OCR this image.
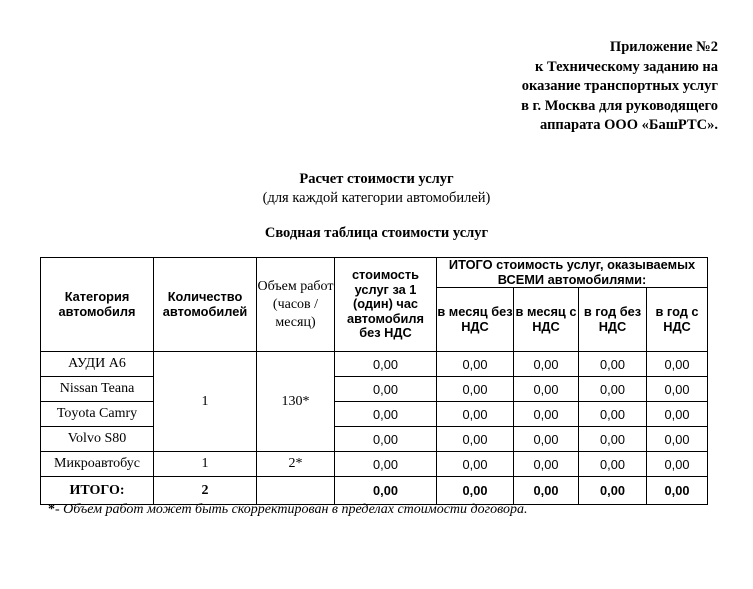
Приложение №2
к Техническому заданию на
оказание транспортных услуг
в г. Москва для руководящего
аппарата ООО «БашРТС».
Расчет стоимости услуг
(для каждой категории автомобилей)
Сводная таблица стоимости услуг
Категория автомобиля	Количество автомобилей	Объем работ (часов /месяц)	стоимость услуг за 1 (один) час автомобиля без НДС	ИТОГО стоимость услуг, оказываемых ВСЕМИ автомобилями:			
				в месяц без НДС	в месяц с НДС	в год без НДС	в год с НДС
АУДИ А6	1	130*	0,00	0,00	0,00	0,00	0,00
Nissan Teana			0,00	0,00	0,00	0,00	0,00
Toyota Camry			0,00	0,00	0,00	0,00	0,00
Volvo S80			0,00	0,00	0,00	0,00	0,00
Микроавтобус	1	2*	0,00	0,00	0,00	0,00	0,00
ИТОГО:	2		0,00	0,00	0,00	0,00	0,00
*- Объем работ может быть скорректирован в пределах стоимости договора.
